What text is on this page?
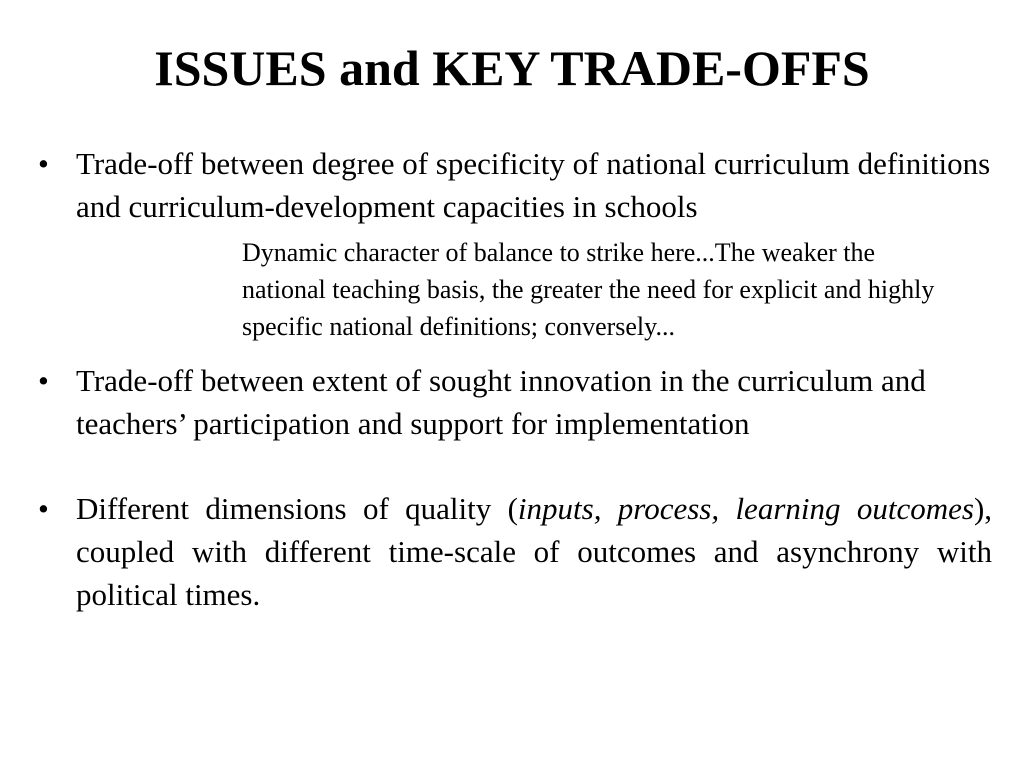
ISSUES and KEY TRADE-OFFS
• Trade-off between degree of specificity of national curriculum definitions and curriculum-development capacities in schools
Dynamic character of balance to strike here...The weaker the national teaching basis, the greater the need for explicit and highly specific national definitions; conversely...
• Trade-off between extent of sought innovation in the curriculum and teachers’ participation and support for implementation
• Different dimensions of quality (inputs, process, learning outcomes), coupled with different time-scale of outcomes and asynchrony with political times.
